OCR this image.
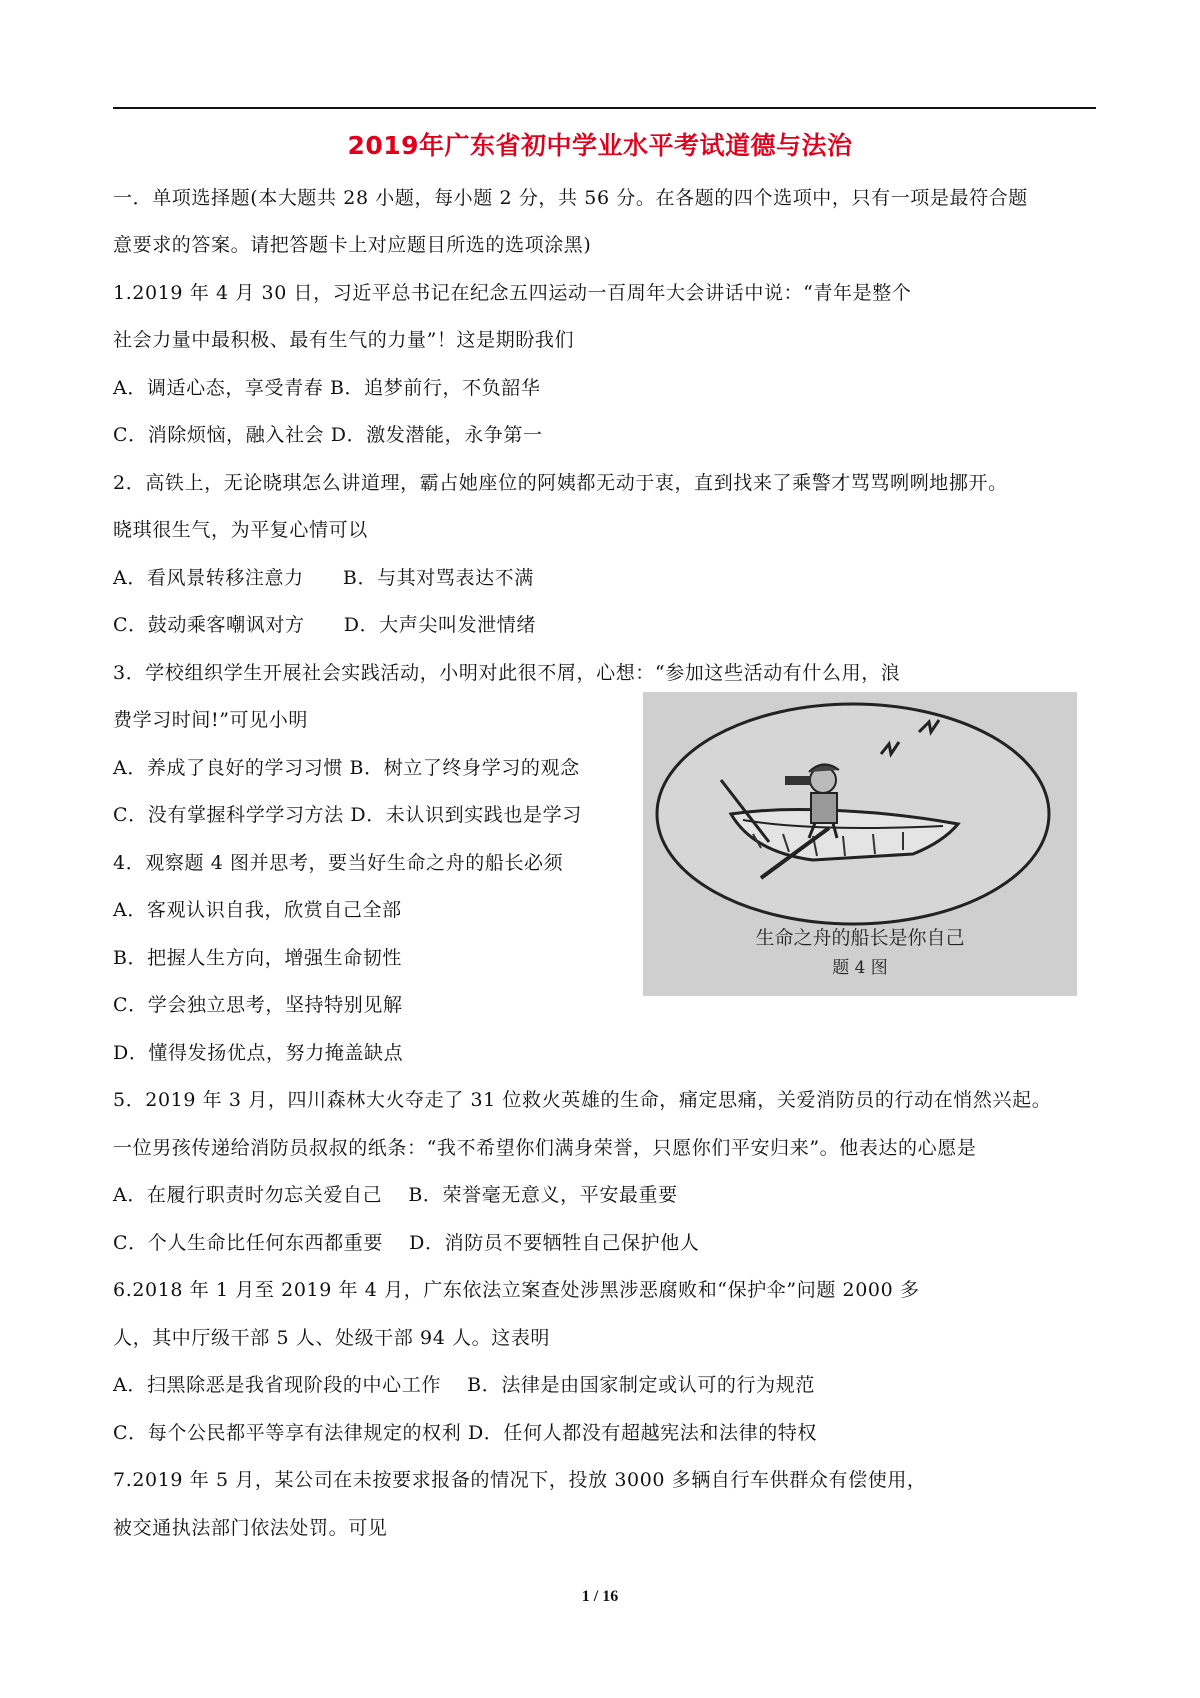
2019年广东省初中学业水平考试道德与法治
一．单项选择题(本大题共 28 小题，每小题 2 分，共 56 分。在各题的四个选项中，只有一项是最符合题
意要求的答案。请把答题卡上对应题目所选的选项涂黑)
1.2019 年 4 月 30 日，习近平总书记在纪念五四运动一百周年大会讲话中说：“青年是整个
社会力量中最积极、最有生气的力量”！这是期盼我们
A．调适心态，享受青春 B．追梦前行，不负韶华
C．消除烦恼，融入社会 D．激发潜能，永争第一
2．高铁上，无论晓琪怎么讲道理，霸占她座位的阿姨都无动于衷，直到找来了乘警才骂骂咧咧地挪开。
晓琪很生气，为平复心情可以
A．看风景转移注意力　　B．与其对骂表达不满
C．鼓动乘客嘲讽对方　　D．大声尖叫发泄情绪
3．学校组织学生开展社会实践活动，小明对此很不屑，心想：“参加这些活动有什么用，浪
费学习时间!”可见小明
A．养成了良好的学习习惯 B．树立了终身学习的观念
C．没有掌握科学学习方法 D．未认识到实践也是学习
4．观察题 4 图并思考，要当好生命之舟的船长必须
A．客观认识自我，欣赏自己全部
B．把握人生方向，增强生命韧性
C．学会独立思考，坚持特别见解
D．懂得发扬优点，努力掩盖缺点
生命之舟的船长是你自己
题 4 图
5．2019 年 3 月，四川森林大火夺走了 31 位救火英雄的生命，痛定思痛，关爱消防员的行动在悄然兴起。
一位男孩传递给消防员叔叔的纸条：“我不希望你们满身荣誉，只愿你们平安归来”。他表达的心愿是
A．在履行职责时勿忘关爱自己　 B．荣誉毫无意义，平安最重要
C．个人生命比任何东西都重要　 D．消防员不要牺牲自己保护他人
6.2018 年 1 月至 2019 年 4 月，广东依法立案查处涉黑涉恶腐败和“保护伞”问题 2000 多
人，其中厅级干部 5 人、处级干部 94 人。这表明
A．扫黑除恶是我省现阶段的中心工作　 B．法律是由国家制定或认可的行为规范
C．每个公民都平等享有法律规定的权利 D．任何人都没有超越宪法和法律的特权
7.2019 年 5 月，某公司在未按要求报备的情况下，投放 3000 多辆自行车供群众有偿使用，
被交通执法部门依法处罚。可见
1 / 16
